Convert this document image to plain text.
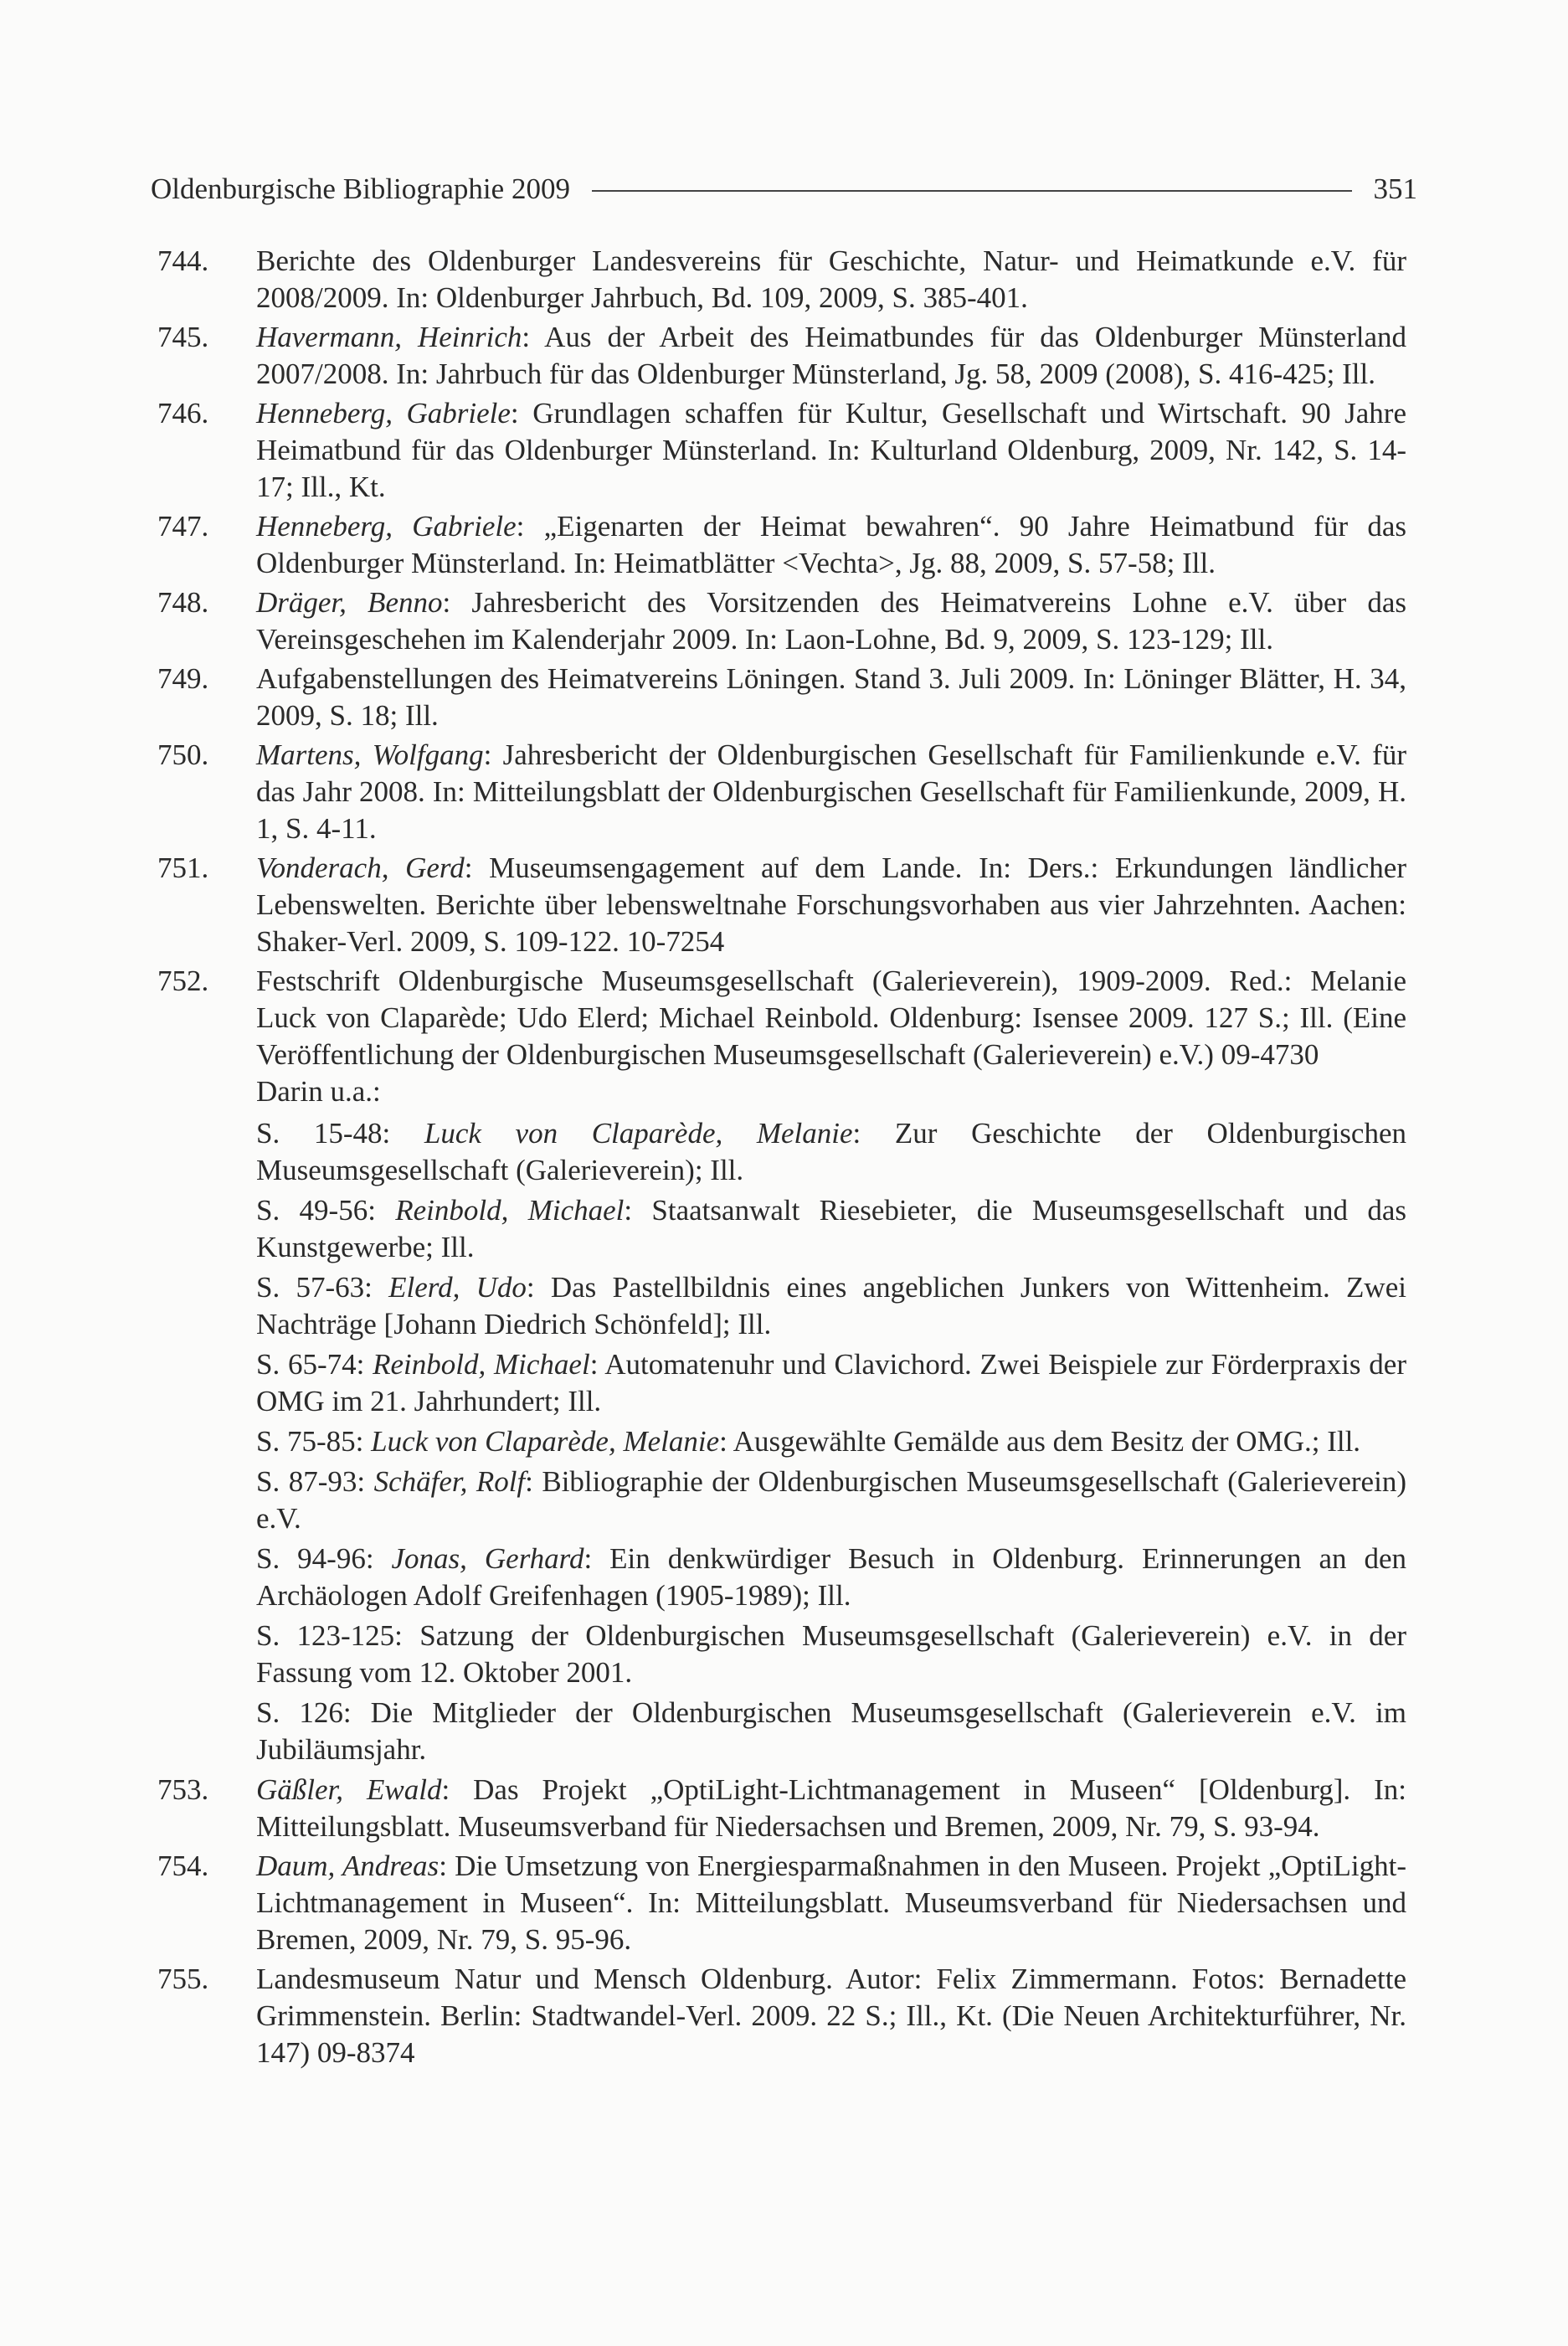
Oldenburgische Bibliographie 2009	351
744.	Berichte des Oldenburger Landesvereins für Geschichte, Natur- und Heimatkunde e.V. für 2008/2009. In: Oldenburger Jahrbuch, Bd. 109, 2009, S. 385-401.

745.	Havermann, Heinrich: Aus der Arbeit des Heimatbundes für das Oldenburger Münsterland 2007/2008. In: Jahrbuch für das Oldenburger Münsterland, Jg. 58, 2009 (2008), S. 416-425; Ill.

746.	Henneberg, Gabriele: Grundlagen schaffen für Kultur, Gesellschaft und Wirtschaft. 90 Jahre Heimatbund für das Oldenburger Münsterland. In: Kulturland Oldenburg, 2009, Nr. 142, S. 14-17; Ill., Kt.

747.	Henneberg, Gabriele: „Eigenarten der Heimat bewahren“. 90 Jahre Heimatbund für das Oldenburger Münsterland. In: Heimatblätter <Vechta>, Jg. 88, 2009, S. 57-58; Ill.

748.	Dräger, Benno: Jahresbericht des Vorsitzenden des Heimatvereins Lohne e.V. über das Vereinsgeschehen im Kalenderjahr 2009. In: Laon-Lohne, Bd. 9, 2009, S. 123-129; Ill.

749.	Aufgabenstellungen des Heimatvereins Löningen. Stand 3. Juli 2009. In: Löninger Blätter, H. 34, 2009, S. 18; Ill.

750.	Martens, Wolfgang: Jahresbericht der Oldenburgischen Gesellschaft für Familienkunde e.V. für das Jahr 2008. In: Mitteilungsblatt der Oldenburgischen Gesellschaft für Familienkunde, 2009, H. 1, S. 4-11.

751.	Vonderach, Gerd: Museumsengagement auf dem Lande. In: Ders.: Erkundungen ländlicher Lebenswelten. Berichte über lebensweltnahe Forschungsvorhaben aus vier Jahrzehnten. Aachen: Shaker-Verl. 2009, S. 109-122. 10-7254

752.	Festschrift Oldenburgische Museumsgesellschaft (Galerieverein), 1909-2009. Red.: Melanie Luck von Claparède; Udo Elerd; Michael Reinbold. Oldenburg: Isensee 2009. 127 S.; Ill. (Eine Veröffentlichung der Oldenburgischen Museumsgesellschaft (Galerieverein) e.V.) 09-4730

Darin u.a.:

S. 15-48: Luck von Claparède, Melanie: Zur Geschichte der Oldenburgischen Museumsgesellschaft (Galerieverein); Ill.

S. 49-56: Reinbold, Michael: Staatsanwalt Riesebieter, die Museumsgesellschaft und das Kunstgewerbe; Ill.

S. 57-63: Elerd, Udo: Das Pastellbildnis eines angeblichen Junkers von Wittenheim. Zwei Nachträge [Johann Diedrich Schönfeld]; Ill.

S. 65-74: Reinbold, Michael: Automatenuhr und Clavichord. Zwei Beispiele zur Förderpraxis der OMG im 21. Jahrhundert; Ill.

S. 75-85: Luck von Claparède, Melanie: Ausgewählte Gemälde aus dem Besitz der OMG.; Ill.

S. 87-93: Schäfer, Rolf: Bibliographie der Oldenburgischen Museumsgesellschaft (Galerieverein) e.V.

S. 94-96: Jonas, Gerhard: Ein denkwürdiger Besuch in Oldenburg. Erinnerungen an den Archäologen Adolf Greifenhagen (1905-1989); Ill.

S. 123-125: Satzung der Oldenburgischen Museumsgesellschaft (Galerieverein) e.V. in der Fassung vom 12. Oktober 2001.

S. 126: Die Mitglieder der Oldenburgischen Museumsgesellschaft (Galerieverein e.V. im Jubiläumsjahr.

753.	Gäßler, Ewald: Das Projekt „OptiLight-Lichtmanagement in Museen“ [Oldenburg]. In: Mitteilungsblatt. Museumsverband für Niedersachsen und Bremen, 2009, Nr. 79, S. 93-94.

754.	Daum, Andreas: Die Umsetzung von Energiesparmaßnahmen in den Museen. Projekt „OptiLight-Lichtmanagement in Museen“. In: Mitteilungsblatt. Museumsverband für Niedersachsen und Bremen, 2009, Nr. 79, S. 95-96.

755.	Landesmuseum Natur und Mensch Oldenburg. Autor: Felix Zimmermann. Fotos: Bernadette Grimmenstein. Berlin: Stadtwandel-Verl. 2009. 22 S.; Ill., Kt. (Die Neuen Architekturführer, Nr. 147) 09-8374
